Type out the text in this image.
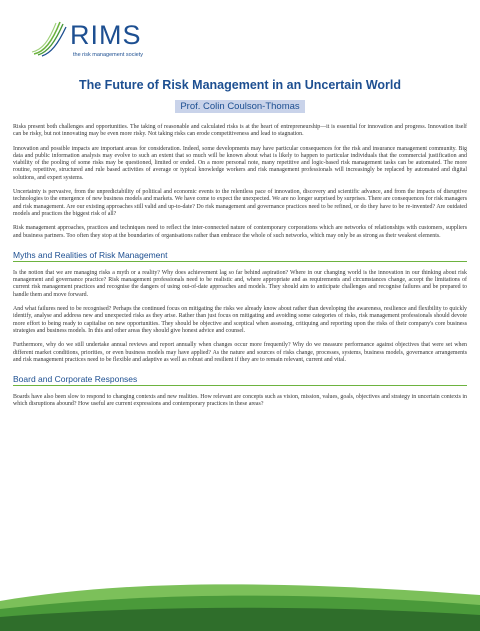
RIMS
the risk management society
The Future of Risk Management in an Uncertain World
Prof. Colin Coulson-Thomas

Risks present both challenges and opportunities. The taking of reasonable and calculated risks is at the heart of entrepreneurship—it is essential for innovation and progress. Innovation itself can be risky, but not innovating may be even more risky. Not taking risks can erode competitiveness and lead to stagnation.

Innovation and possible impacts are important areas for consideration. Indeed, some developments may have particular consequences for the risk and insurance management community. Big data and public information analysis may evolve to such an extent that so much will be known about what is likely to happen to particular individuals that the commercial justification and viability of the pooling of some risks may be questioned, limited or ended. On a more personal note, many repetitive and logic-based risk management tasks can be automated. The more routine, repetitive, structured and rule based activities of average or typical knowledge workers and risk management professionals will increasingly be replaced by automated and digital solutions, and expert systems.

Uncertainty is pervasive, from the unpredictability of political and economic events to the relentless pace of innovation, discovery and scientific advance, and from the impacts of disruptive technologies to the emergence of new business models and markets. We have come to expect the unexpected. We are no longer surprised by surprises. There are consequences for risk managers and risk management. Are our existing approaches still valid and up-to-date? Do risk management and governance practices need to be refined, or do they have to be re-invented? Are outdated models and practices the biggest risk of all?

Risk management approaches, practices and techniques need to reflect the inter-connected nature of contemporary corporations which are networks of relationships with customers, suppliers and business partners. Too often they stop at the boundaries of organisations rather than embrace the whole of such networks, which may only be as strong as their weakest elements.

Myths and Realities of Risk Management

Is the notion that we are managing risks a myth or a reality? Why does achievement lag so far behind aspiration? Where in our changing world is the innovation in our thinking about risk management and governance practice? Risk management professionals need to be realistic and, where appropriate and as requirements and circumstances change, accept the limitations of current risk management practices and recognise the dangers of using out-of-date approaches and models. They should aim to anticipate challenges and recognise failures and be prepared to handle them and move forward.

And what failures need to be recognised? Perhaps the continued focus on mitigating the risks we already know about rather than developing the awareness, resilience and flexibility to quickly identify, analyse and address new and unexpected risks as they arise. Rather than just focus on mitigating and avoiding some categories of risks, risk management professionals should devote more effort to being ready to capitalise on new opportunities. They should be objective and sceptical when assessing, critiquing and reporting upon the risks of their company's core business strategies and business models. In this and other areas they should give honest advice and counsel.

Furthermore, why do we still undertake annual reviews and report annually when changes occur more frequently? Why do we measure performance against objectives that were set when different market conditions, priorities, or even business models may have applied? As the nature and sources of risks change, processes, systems, business models, governance arrangements and risk management practices need to be flexible and adaptive as well as robust and resilient if they are to remain relevant, current and vital.

Board and Corporate Responses

Boards have also been slow to respond to changing contexts and new realities. How relevant are concepts such as vision, mission, values, goals, objectives and strategy in uncertain contexts in which disruptions abound? How useful are current expressions and contemporary practices in these areas?
